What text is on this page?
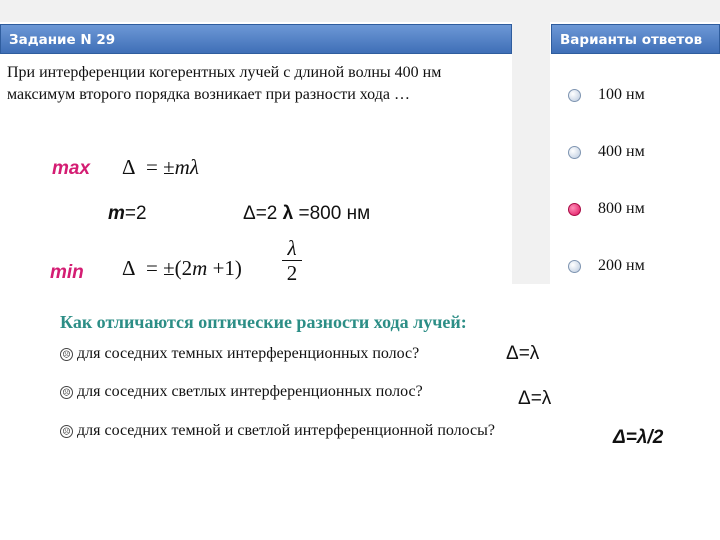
Задание N 29	Варианты ответов
При интерференции когерентных лучей с длиной волны 400 нм максимум второго порядка возникает при разности хода …
max Δ = ±mλ
m=2	Δ=2 λ =800 нм
min Δ = ±(2m +1)
λ
2
100 нм
400 нм
800 нм
200 нм
Как отличаются оптические разности хода лучей:
☹ для соседних темных интерференционных полос?	Δ=λ
☹ для соседних светлых интерференционных полос?	Δ=λ
☹ для соседних темной и светлой интерференционной полосы?	Δ=λ/2
